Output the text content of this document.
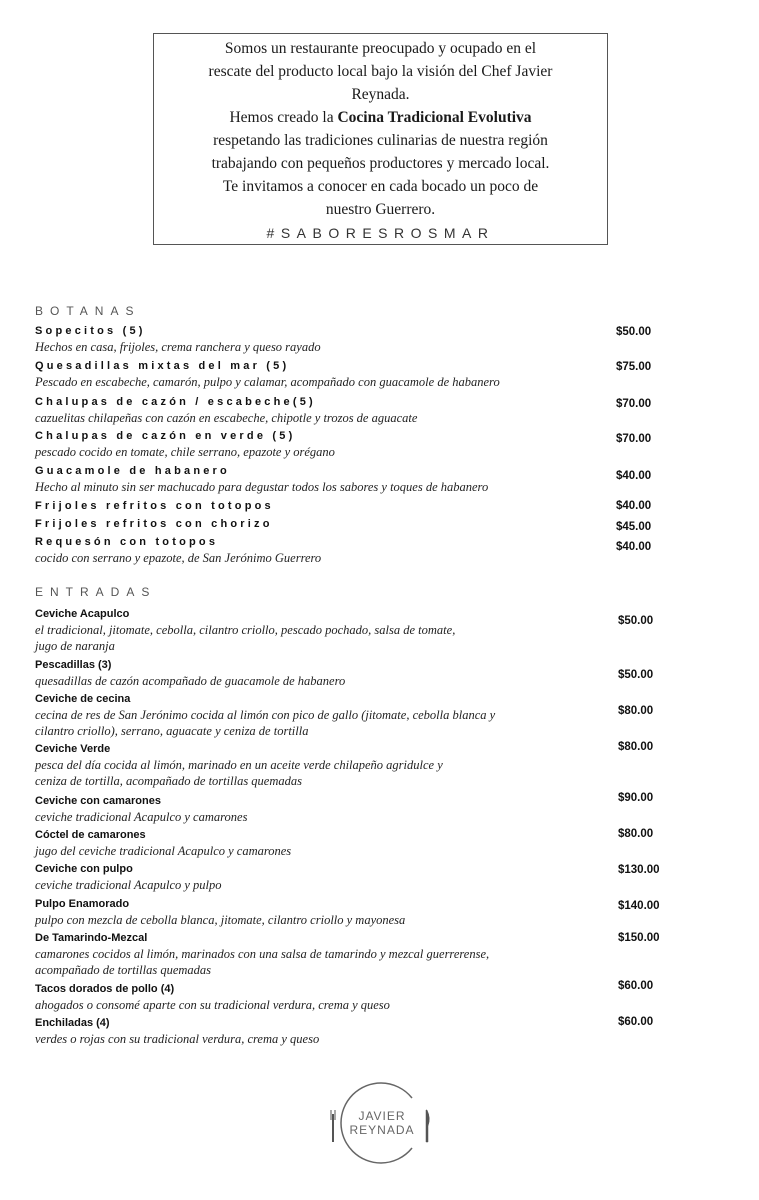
Somos un restaurante preocupado y ocupado en el

rescate del producto local bajo la visión del Chef Javier

Reynada.

Hemos creado la Cocina Tradicional Evolutiva

respetando las tradiciones culinarias de nuestra región

trabajando con pequeños productores y mercado local.

Te invitamos a conocer en cada bocado un poco de

nuestro Guerrero.

#SABORESROSMAR

BOTANAS
Sopecitos (5)
Hechos en casa, frijoles, crema ranchera y queso rayado
$50.00
Quesadillas mixtas del mar (5)
Pescado en escabeche, camarón, pulpo y calamar, acompañado con guacamole de habanero
$75.00
Chalupas de cazón / escabeche(5)
cazuelitas chilapeñas con cazón en escabeche, chipotle y trozos de aguacate
$70.00
Chalupas de cazón en verde (5)
pescado cocido en tomate, chile serrano, epazote y orégano
$70.00
Guacamole de habanero
Hecho al minuto sin ser machucado para degustar todos los sabores y toques de habanero
$40.00
Frijoles refritos con totopos	$40.00
Frijoles refritos con chorizo	$45.00
Requesón con totopos
cocido con serrano y epazote, de San Jerónimo Guerrero
$40.00
ENTRADAS
Ceviche Acapulco
el tradicional, jitomate, cebolla, cilantro criollo, pescado pochado, salsa de tomate,
jugo de naranja
$50.00
Pescadillas (3)
quesadillas de cazón acompañado de guacamole de habanero	$50.00
Ceviche de cecina
cecina de res de San Jerónimo cocida al limón con pico de gallo (jitomate, cebolla blanca y
cilantro criollo), serrano, aguacate y ceniza de tortilla
$80.00
Ceviche Verde
pesca del día cocida al limón, marinado en un aceite verde chilapeño agridulce y
ceniza de tortilla, acompañado de tortillas quemadas
$80.00
Ceviche con camarones
ceviche tradicional Acapulco y camarones
$90.00
Cóctel de camarones
jugo del ceviche tradicional Acapulco y camarones
$80.00
Ceviche con pulpo
ceviche tradicional Acapulco y pulpo
$130.00
Pulpo Enamorado
pulpo con mezcla de cebolla blanca, jitomate, cilantro criollo y mayonesa
$140.00
De Tamarindo-Mezcal
camarones cocidos al limón, marinados con una salsa de tamarindo y mezcal guerrerense,
acompañado de tortillas quemadas
$150.00
Tacos dorados de pollo (4)
ahogados o consomé aparte con su tradicional verdura, crema y queso
$60.00
Enchiladas (4)
verdes o rojas con su tradicional verdura, crema y queso
$60.00
JAVIER
REYNADA
